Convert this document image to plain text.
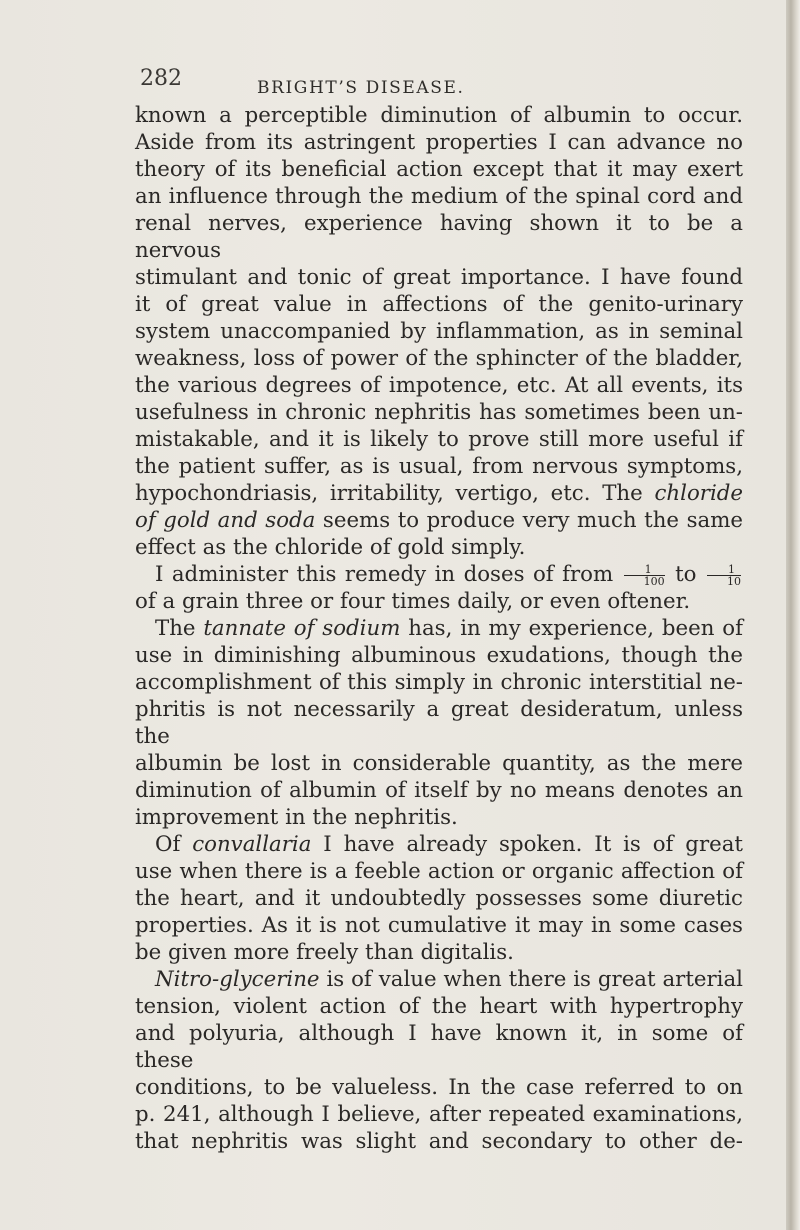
282	BRIGHT’S DISEASE.

known a perceptible diminution of albumin to occur.

Aside from its astringent properties I can advance no

theory of its beneficial action except that it may exert

an influence through the medium of the spinal cord and

renal nerves, experience having shown it to be a nervous

stimulant and tonic of great importance. I have found

it of great value in affections of the genito-urinary

system unaccompanied by inflammation, as in seminal

weakness, loss of power of the sphincter of the bladder,

the various degrees of impotence, etc. At all events, its

usefulness in chronic nephritis has sometimes been un-

mistakable, and it is likely to prove still more useful if

the patient suffer, as is usual, from nervous symptoms,

hypochondriasis, irritability, vertigo, etc. The chloride

of gold and soda seems to produce very much the same

effect as the chloride of gold simply.

I administer this remedy in doses of from $\frac{1}{100}$ to $\frac{1}{10}$

of a grain three or four times daily, or even oftener.

The tannate of sodium has, in my experience, been of

use in diminishing albuminous exudations, though the

accomplishment of this simply in chronic interstitial ne-

phritis is not necessarily a great desideratum, unless the

albumin be lost in considerable quantity, as the mere

diminution of albumin of itself by no means denotes an

improvement in the nephritis.

Of convallaria I have already spoken. It is of great

use when there is a feeble action or organic affection of

the heart, and it undoubtedly possesses some diuretic

properties. As it is not cumulative it may in some cases

be given more freely than digitalis.

Nitro-glycerine is of value when there is great arterial

tension, violent action of the heart with hypertrophy

and polyuria, although I have known it, in some of these

conditions, to be valueless. In the case referred to on

p. 241, although I believe, after repeated examinations,

that nephritis was slight and secondary to other de-
